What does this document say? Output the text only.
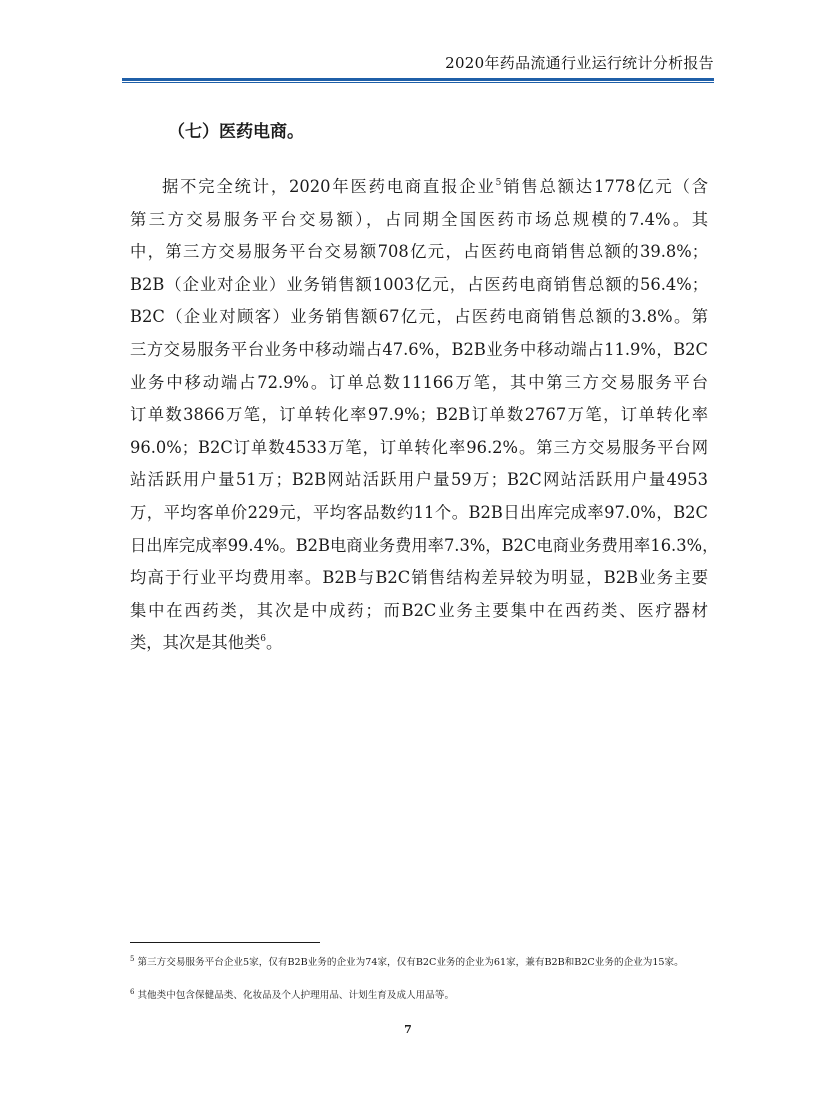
2020年药品流通行业运行统计分析报告
（七）医药电商。
据不完全统计，2020年医药电商直报企业$^5$销售总额达1778亿元（含
第三方交易服务平台交易额），占同期全国医药市场总规模的7.4%。其
中，第三方交易服务平台交易额708亿元，占医药电商销售总额的39.8%；
B2B（企业对企业）业务销售额1003亿元，占医药电商销售总额的56.4%；
B2C（企业对顾客）业务销售额67亿元，占医药电商销售总额的3.8%。第
三方交易服务平台业务中移动端占47.6%，B2B业务中移动端占11.9%，B2C
业务中移动端占72.9%。订单总数11166万笔，其中第三方交易服务平台
订单数3866万笔，订单转化率97.9%；B2B订单数2767万笔，订单转化率
96.0%；B2C订单数4533万笔，订单转化率96.2%。第三方交易服务平台网
站活跃用户量51万；B2B网站活跃用户量59万；B2C网站活跃用户量4953
万，平均客单价229元，平均客品数约11个。B2B日出库完成率97.0%，B2C
日出库完成率99.4%。B2B电商业务费用率7.3%，B2C电商业务费用率16.3%，
均高于行业平均费用率。B2B与B2C销售结构差异较为明显，B2B业务主要
集中在西药类，其次是中成药；而B2C业务主要集中在西药类、医疗器材
类，其次是其他类$^6$。
$^5$ 第三方交易服务平台企业5家，仅有B2B业务的企业为74家，仅有B2C业务的企业为61家，兼有B2B和B2C业务的企业为15家。
$^6$ 其他类中包含保健品类、化妆品及个人护理用品、计划生育及成人用品等。
7
